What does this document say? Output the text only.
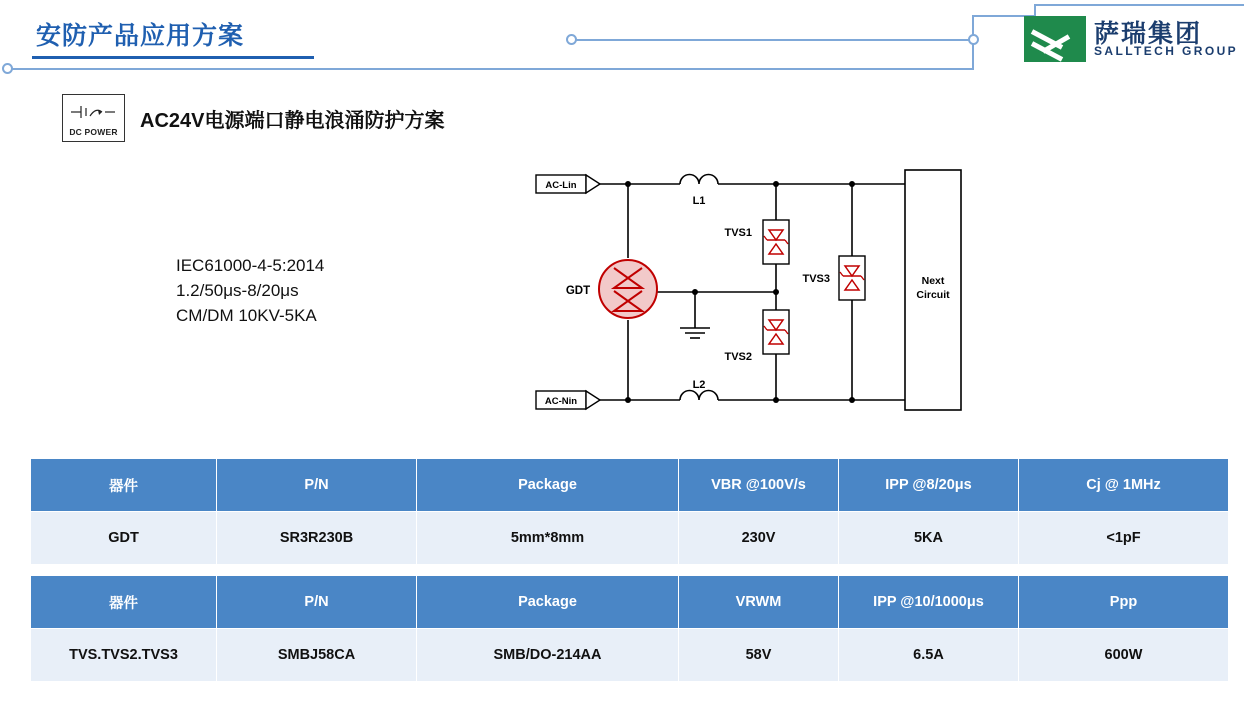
安防产品应用方案	萨瑞集团
SALLTECH GROUP
DC POWER	AC24V电源端口静电浪涌防护方案
IEC61000-4-5:2014
1.2/50μs-8/20μs
CM/DM 10KV-5KA
AC-Lin
AC-Nin
L1
L2
GDT
TVS1
TVS2
TVS3	Next
Circuit
器件	P/N	Package	VBR @100V/s	IPP @8/20μs	Cj @ 1MHz
GDT	SR3R230B	5mm*8mm	230V	5KA	<1pF
器件	P/N	Package	VRWM	IPP @10/1000μs	Ppp
TVS.TVS2.TVS3	SMBJ58CA	SMB/DO-214AA	58V	6.5A	600W
